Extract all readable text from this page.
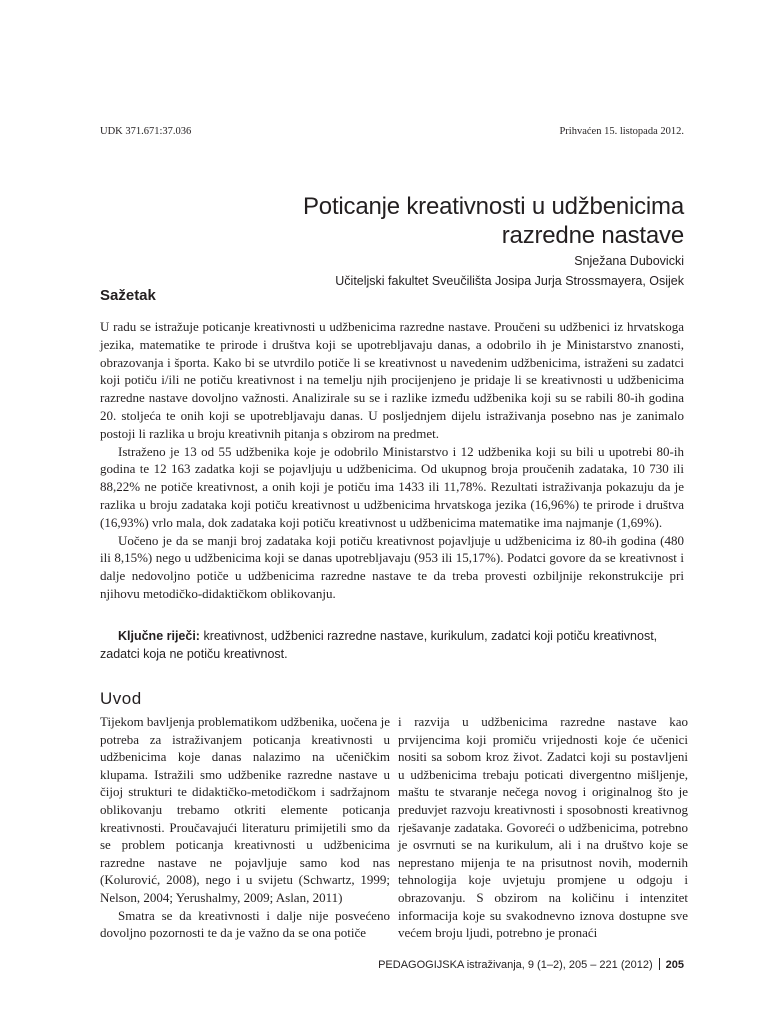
UDK 371.671:37.036	Prihvaćen 15. listopada 2012.
Poticanje kreativnosti u udžbenicima
razredne nastave
Snježana Dubovicki
Učiteljski fakultet Sveučilišta Josipa Jurja Strossmayera, Osijek
Sažetak

U radu se istražuje poticanje kreativnosti u udžbenicima razredne nastave. Proučeni su udžbenici iz hrvatskoga jezika, matematike te prirode i društva koji se upotrebljavaju danas, a odobrilo ih je Ministarstvo znanosti, obrazovanja i športa. Kako bi se utvrdilo potiče li se kreativnost u navedenim udžbenicima, istraženi su zadatci koji potiču i/ili ne potiču kreativnost i na temelju njih procijenjeno je pridaje li se kreativnosti u udžbenicima razredne nastave dovoljno važnosti. Analizirale su se i razlike između udžbenika koji su se rabili 80-ih godina 20. stoljeća te onih koji se upotrebljavaju danas. U posljednjem dijelu istraživanja posebno nas je zanimalo postoji li razlika u broju kreativnih pitanja s obzirom na predmet.

Istraženo je 13 od 55 udžbenika koje je odobrilo Ministarstvo i 12 udžbenika koji su bili u upotrebi 80-ih godina te 12 163 zadatka koji se pojavljuju u udžbenicima. Od ukupnog broja proučenih zadataka, 10 730 ili 88,22% ne potiče kreativnost, a onih koji je potiču ima 1433 ili 11,78%. Rezultati istraživanja pokazuju da je razlika u broju zadataka koji potiču kreativnost u udžbenicima hrvatskoga jezika (16,96%) te prirode i društva (16,93%) vrlo mala, dok zadataka koji potiču kreativnost u udžbenicima matematike ima najmanje (1,69%).

Uočeno je da se manji broj zadataka koji potiču kreativnost pojavljuje u udžbenicima iz 80-ih godina (480 ili 8,15%) nego u udžbenicima koji se danas upotrebljavaju (953 ili 15,17%). Podatci govore da se kreativnost i dalje nedovoljno potiče u udžbenicima razredne nastave te da treba provesti ozbiljnije rekonstrukcije pri njihovu metodičko-didaktičkom oblikovanju.

Ključne riječi: kreativnost, udžbenici razredne nastave, kurikulum, zadatci koji potiču kreativnost, zadatci koja ne potiču kreativnost.
Uvod

Tijekom bavljenja problematikom udžbenika, uočena je potreba za istraživanjem poticanja kreativnosti u udžbenicima koje danas nalazimo na učeničkim klupama. Istražili smo udžbenike razredne nastave u čijoj strukturi te didaktičko-metodičkom i sadržajnom oblikovanju trebamo otkriti elemente poticanja kreativnosti. Proučavajući literaturu primijetili smo da se problem poticanja kreativnosti u udžbenicima razredne nastave ne pojavljuje samo kod nas (Kolurović, 2008), nego i u svijetu (Schwartz, 1999; Nelson, 2004; Yerushalmy, 2009; Aslan, 2011)

Smatra se da kreativnosti i dalje nije posvećeno dovoljno pozornosti te da je važno da se ona potiče

i razvija u udžbenicima razredne nastave kao prvijencima koji promiču vrijednosti koje će učenici nositi sa sobom kroz život. Zadatci koji su postavljeni u udžbenicima trebaju poticati divergentno mišljenje, maštu te stvaranje nečega novog i originalnog što je preduvjet razvoju kreativnosti i sposobnosti kreativnog rješavanje zadataka. Govoreći o udžbenicima, potrebno je osvrnuti se na kurikulum, ali i na društvo koje se neprestano mijenja te na prisutnost novih, modernih tehnologija koje uvjetuju promjene u odgoju i obrazovanju. S obzirom na količinu i intenzitet informacija koje su svakodnevno iznova dostupne sve većem broju ljudi, potrebno je pronaći

PEDAGOGIJSKA istraživanja, 9 (1–2), 205 – 221 (2012) 205
